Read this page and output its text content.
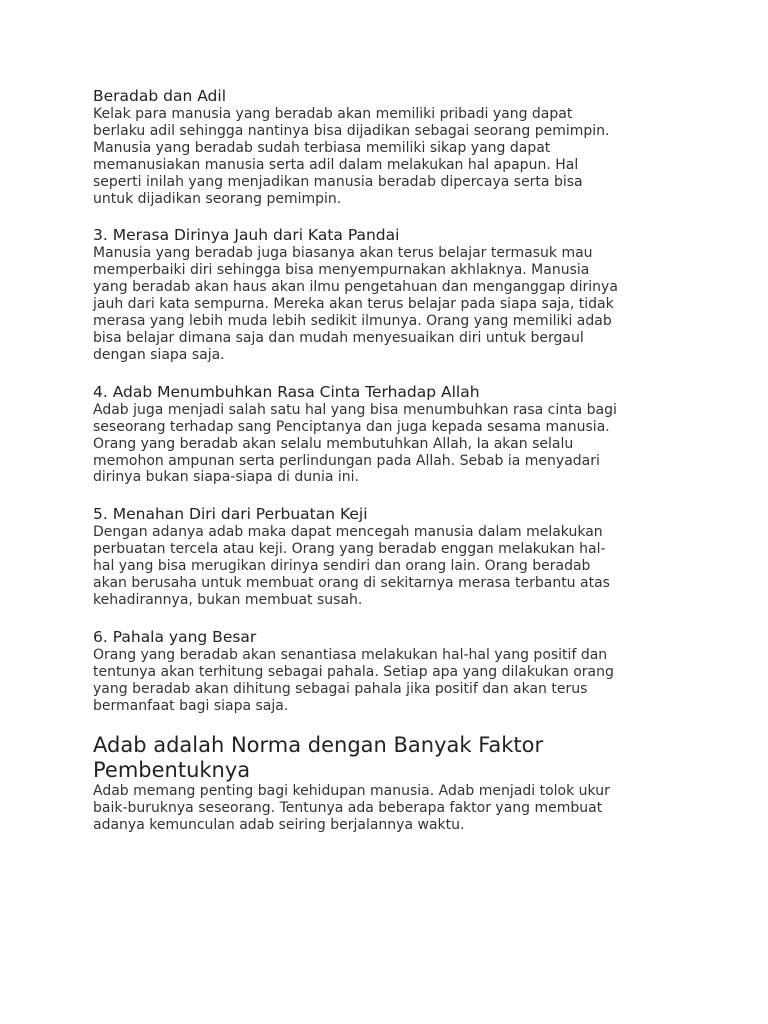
Beradab dan Adil

Kelak para manusia yang beradab akan memiliki pribadi yang dapat
berlaku adil sehingga nantinya bisa dijadikan sebagai seorang pemimpin.
Manusia yang beradab sudah terbiasa memiliki sikap yang dapat
memanusiakan manusia serta adil dalam melakukan hal apapun. Hal
seperti inilah yang menjadikan manusia beradab dipercaya serta bisa
untuk dijadikan seorang pemimpin.

3. Merasa Dirinya Jauh dari Kata Pandai

Manusia yang beradab juga biasanya akan terus belajar termasuk mau
memperbaiki diri sehingga bisa menyempurnakan akhlaknya. Manusia
yang beradab akan haus akan ilmu pengetahuan dan menganggap dirinya
jauh dari kata sempurna. Mereka akan terus belajar pada siapa saja, tidak
merasa yang lebih muda lebih sedikit ilmunya. Orang yang memiliki adab
bisa belajar dimana saja dan mudah menyesuaikan diri untuk bergaul
dengan siapa saja.

4. Adab Menumbuhkan Rasa Cinta Terhadap Allah

Adab juga menjadi salah satu hal yang bisa menumbuhkan rasa cinta bagi
seseorang terhadap sang Penciptanya dan juga kepada sesama manusia.
Orang yang beradab akan selalu membutuhkan Allah, Ia akan selalu
memohon ampunan serta perlindungan pada Allah. Sebab ia menyadari
dirinya bukan siapa-siapa di dunia ini.

5. Menahan Diri dari Perbuatan Keji

Dengan adanya adab maka dapat mencegah manusia dalam melakukan
perbuatan tercela atau keji. Orang yang beradab enggan melakukan hal-
hal yang bisa merugikan dirinya sendiri dan orang lain. Orang beradab
akan berusaha untuk membuat orang di sekitarnya merasa terbantu atas
kehadirannya, bukan membuat susah.

6. Pahala yang Besar

Orang yang beradab akan senantiasa melakukan hal-hal yang positif dan
tentunya akan terhitung sebagai pahala. Setiap apa yang dilakukan orang
yang beradab akan dihitung sebagai pahala jika positif dan akan terus
bermanfaat bagi siapa saja.

Adab adalah Norma dengan Banyak Faktor
Pembentuknya

Adab memang penting bagi kehidupan manusia. Adab menjadi tolok ukur
baik-buruknya seseorang. Tentunya ada beberapa faktor yang membuat
adanya kemunculan adab seiring berjalannya waktu.
